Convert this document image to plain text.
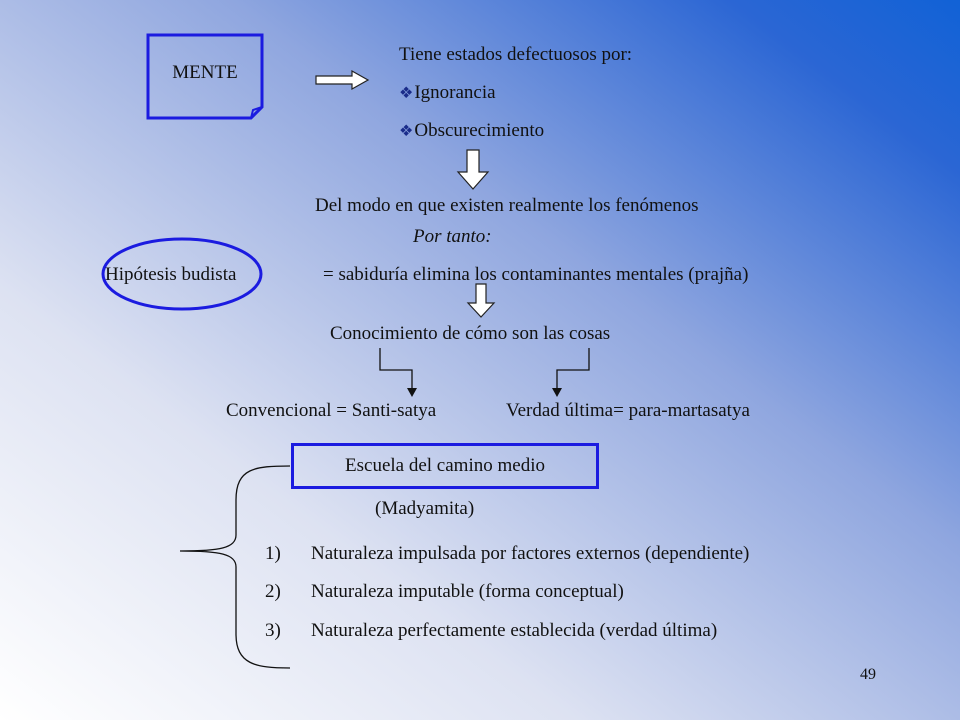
MENTE
Tiene estados defectuosos por:
❖Ignorancia
❖Obscurecimiento
Del modo en que existen realmente los fenómenos
Por tanto:
Hipótesis budista	= sabiduría elimina los contaminantes mentales (prajña)
Conocimiento de cómo son las cosas
Convencional = Santi-satya	Verdad última= para-martasatya
Escuela del camino medio
(Madyamita)
1) Naturaleza impulsada por factores externos (dependiente)
2) Naturaleza imputable (forma conceptual)
3) Naturaleza perfectamente establecida (verdad última)
49
